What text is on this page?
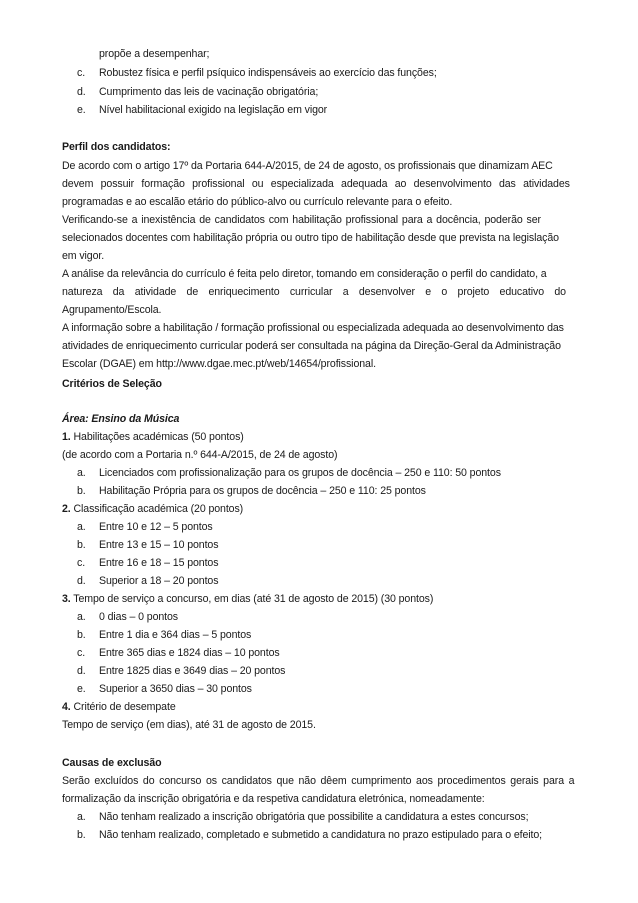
propõe a desempenhar;
c.	Robustez física e perfil psíquico indispensáveis ao exercício das funções;
d.	Cumprimento das leis de vacinação obrigatória;
e.	Nível habilitacional exigido na legislação em vigor
Perfil dos candidatos:
De acordo com o artigo 17º da Portaria 644-A/2015, de 24 de agosto, os profissionais que dinamizam AEC
devem possuir formação profissional ou especializada adequada ao desenvolvimento das atividades
programadas e ao escalão etário do público-alvo ou currículo relevante para o efeito.
Verificando-se a inexistência de candidatos com habilitação profissional para a docência, poderão ser
selecionados docentes com habilitação própria ou outro tipo de habilitação desde que prevista na legislação
em vigor.
A análise da relevância do currículo é feita pelo diretor, tomando em consideração o perfil do candidato, a
natureza da atividade de enriquecimento curricular a desenvolver e o projeto educativo do
Agrupamento/Escola.
A informação sobre a habilitação / formação profissional ou especializada adequada ao desenvolvimento das
atividades de enriquecimento curricular poderá ser consultada na página da Direção-Geral da Administração
Escolar (DGAE) em http://www.dgae.mec.pt/web/14654/profissional.
Critérios de Seleção
Área: Ensino da Música
1. Habilitações académicas (50 pontos)
(de acordo com a Portaria n.º 644-A/2015, de 24 de agosto)
a.	Licenciados com profissionalização para os grupos de docência – 250 e 110: 50 pontos
b.	Habilitação Própria para os grupos de docência – 250 e 110: 25 pontos
2. Classificação académica (20 pontos)
a.	Entre 10 e 12 – 5 pontos
b.	Entre 13 e 15 – 10 pontos
c.	Entre 16 e 18 – 15 pontos
d.	Superior a 18 – 20 pontos
3. Tempo de serviço a concurso, em dias (até 31 de agosto de 2015) (30 pontos)
a.	0 dias – 0 pontos
b.	Entre 1 dia e 364 dias – 5 pontos
c.	Entre 365 dias e 1824 dias – 10 pontos
d.	Entre 1825 dias e 3649 dias – 20 pontos
e.	Superior a 3650 dias – 30 pontos
4. Critério de desempate
Tempo de serviço (em dias), até 31 de agosto de 2015.
Causas de exclusão
Serão excluídos do concurso os candidatos que não dêem cumprimento aos procedimentos gerais para a
formalização da inscrição obrigatória e da respetiva candidatura eletrónica, nomeadamente:
a.	Não tenham realizado a inscrição obrigatória que possibilite a candidatura a estes concursos;
b.	Não tenham realizado, completado e submetido a candidatura no prazo estipulado para o efeito;
